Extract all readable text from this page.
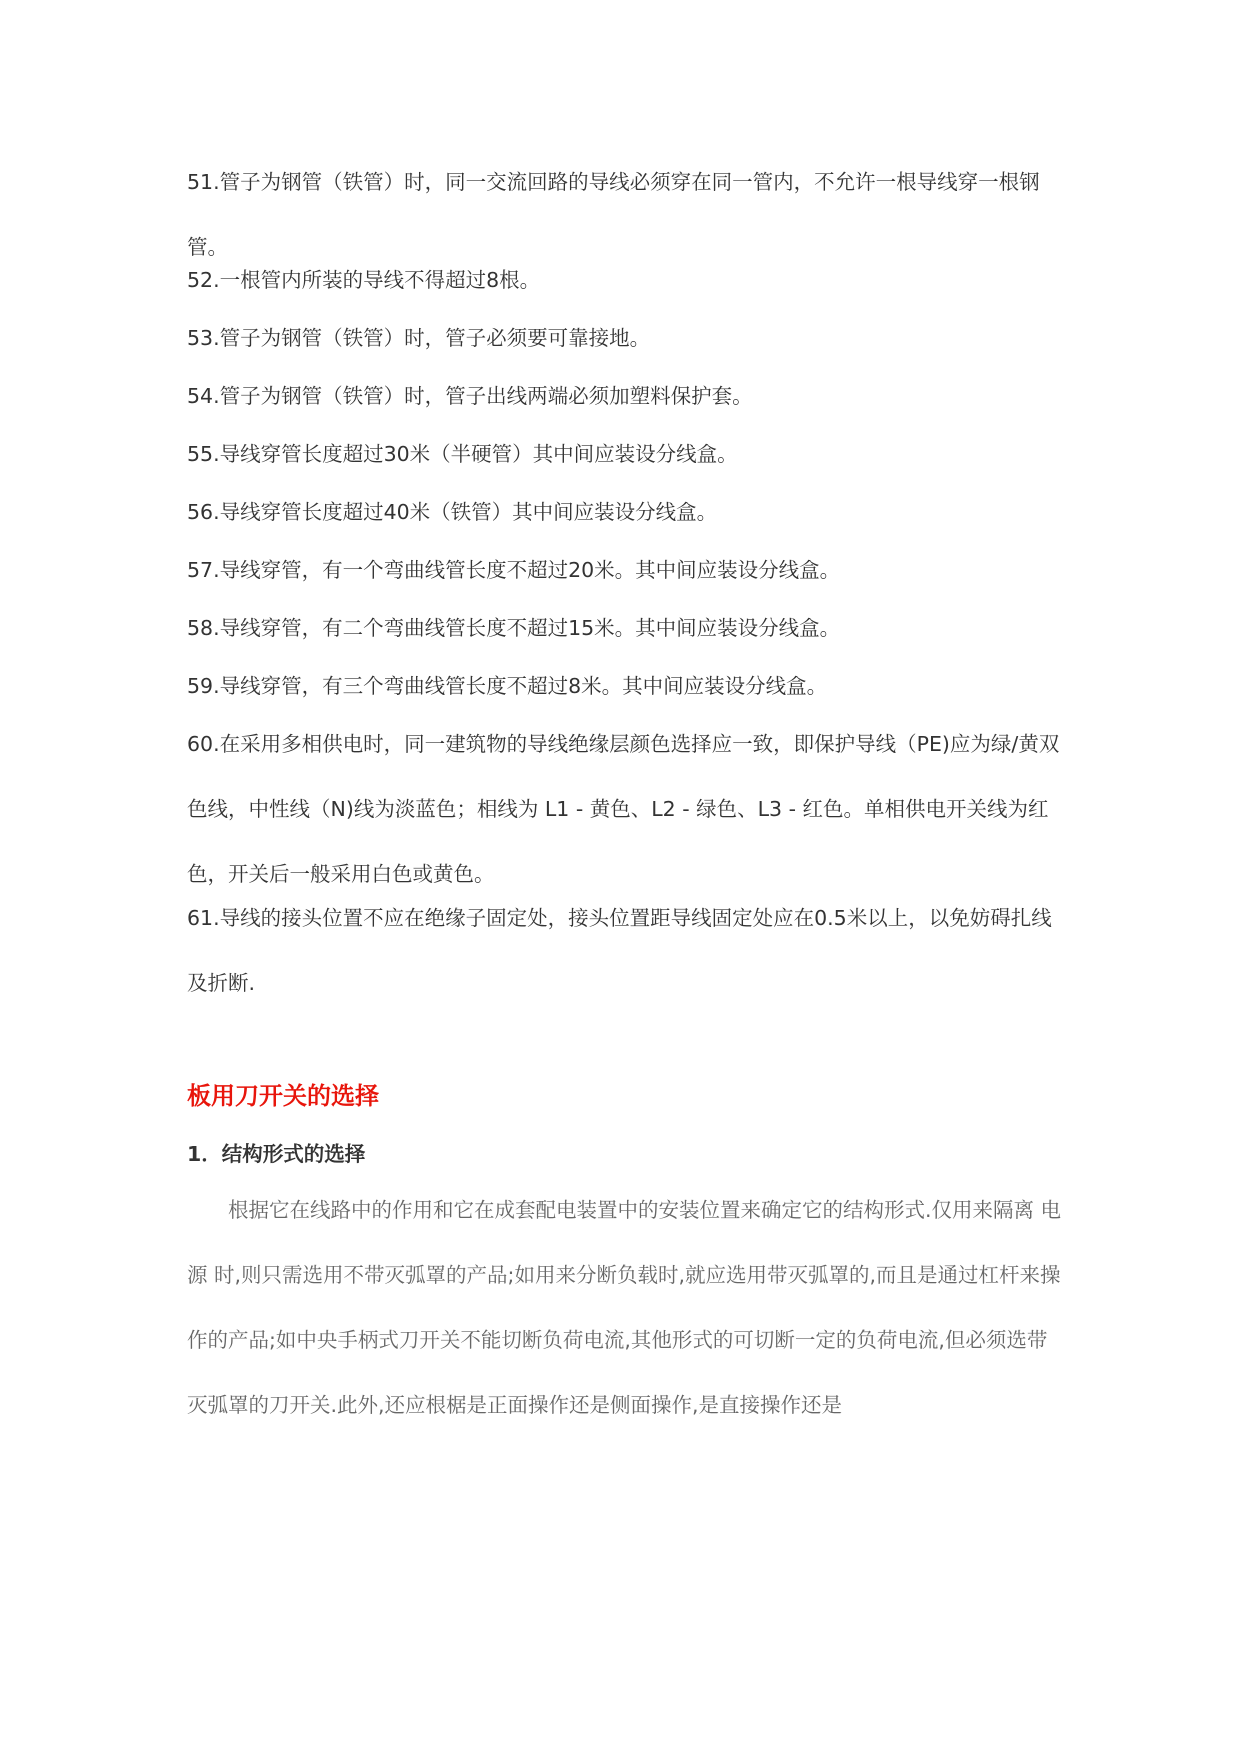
51.管子为钢管（铁管）时，同一交流回路的导线必须穿在同一管内，不允许一根导线穿一根钢管。

52.一根管内所装的导线不得超过8根。

53.管子为钢管（铁管）时，管子必须要可靠接地。

54.管子为钢管（铁管）时，管子出线两端必须加塑料保护套。

55.导线穿管长度超过30米（半硬管）其中间应装设分线盒。

56.导线穿管长度超过40米（铁管）其中间应装设分线盒。

57.导线穿管，有一个弯曲线管长度不超过20米。其中间应装设分线盒。

58.导线穿管，有二个弯曲线管长度不超过15米。其中间应装设分线盒。

59.导线穿管，有三个弯曲线管长度不超过8米。其中间应装设分线盒。

60.在采用多相供电时，同一建筑物的导线绝缘层颜色选择应一致，即保护导线（PE)应为绿/黄双色线，中性线（N)线为淡蓝色；相线为 L1 - 黄色、L2 - 绿色、L3 - 红色。单相供电开关线为红色，开关后一般采用白色或黄色。

61.导线的接头位置不应在绝缘子固定处，接头位置距导线固定处应在0.5米以上，以免妨碍扎线及折断.

板用刀开关的选择
1．结构形式的选择

根据它在线路中的作用和它在成套配电装置中的安装位置来确定它的结构形式.仅用来隔离 电源 时,则只需选用不带灭弧罩的产品;如用来分断负载时,就应选用带灭弧罩的,而且是通过杠杆来操作的产品;如中央手柄式刀开关不能切断负荷电流,其他形式的可切断一定的负荷电流,但必须选带灭弧罩的刀开关.此外,还应根椐是正面操作还是侧面操作,是直接操作还是
